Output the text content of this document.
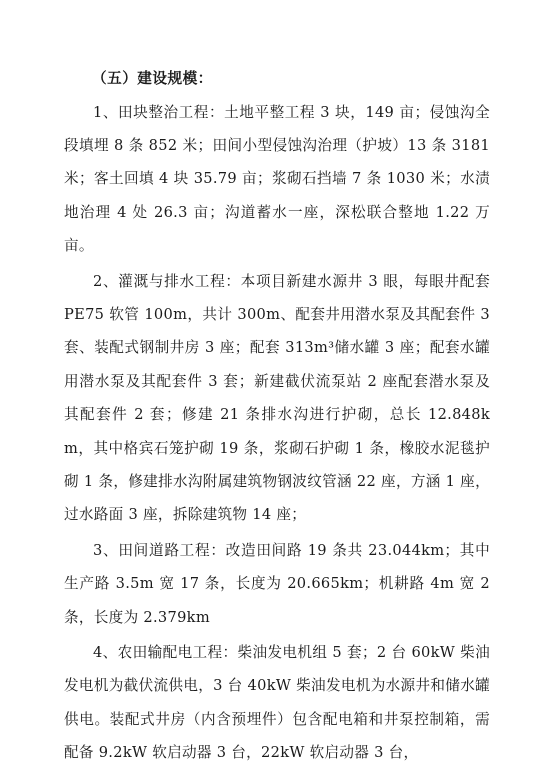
（五）建设规模：

1、田块整治工程：土地平整工程 3 块，149 亩；侵蚀沟全段填埋 8 条 852 米；田间小型侵蚀沟治理（护坡）13 条 3181 米；客土回填 4 块 35.79 亩；浆砌石挡墙 7 条 1030 米；水渍地治理 4 处 26.3 亩；沟道蓄水一座，深松联合整地 1.22 万亩。

2、灌溉与排水工程：本项目新建水源井 3 眼，每眼井配套 PE75 软管 100m，共计 300m、配套井用潜水泵及其配套件 3 套、装配式钢制井房 3 座；配套 313m³储水罐 3 座；配套水罐用潜水泵及其配套件 3 套；新建截伏流泵站 2 座配套潜水泵及其配套件 2 套；修建 21 条排水沟进行护砌，总长 12.848km，其中格宾石笼护砌 19 条，浆砌石护砌 1 条，橡胶水泥毯护砌 1 条，修建排水沟附属建筑物钢波纹管涵 22 座，方涵 1 座，过水路面 3 座，拆除建筑物 14 座；

3、田间道路工程：改造田间路 19 条共 23.044km；其中生产路 3.5m 宽 17 条，长度为 20.665km；机耕路 4m 宽 2 条，长度为 2.379km

4、农田输配电工程：柴油发电机组 5 套；2 台 60kW 柴油发电机为截伏流供电，3 台 40kW 柴油发电机为水源井和储水罐供电。装配式井房（内含预埋件）包含配电箱和井泵控制箱，需配备 9.2kW 软启动器 3 台，22kW 软启动器 3 台，
